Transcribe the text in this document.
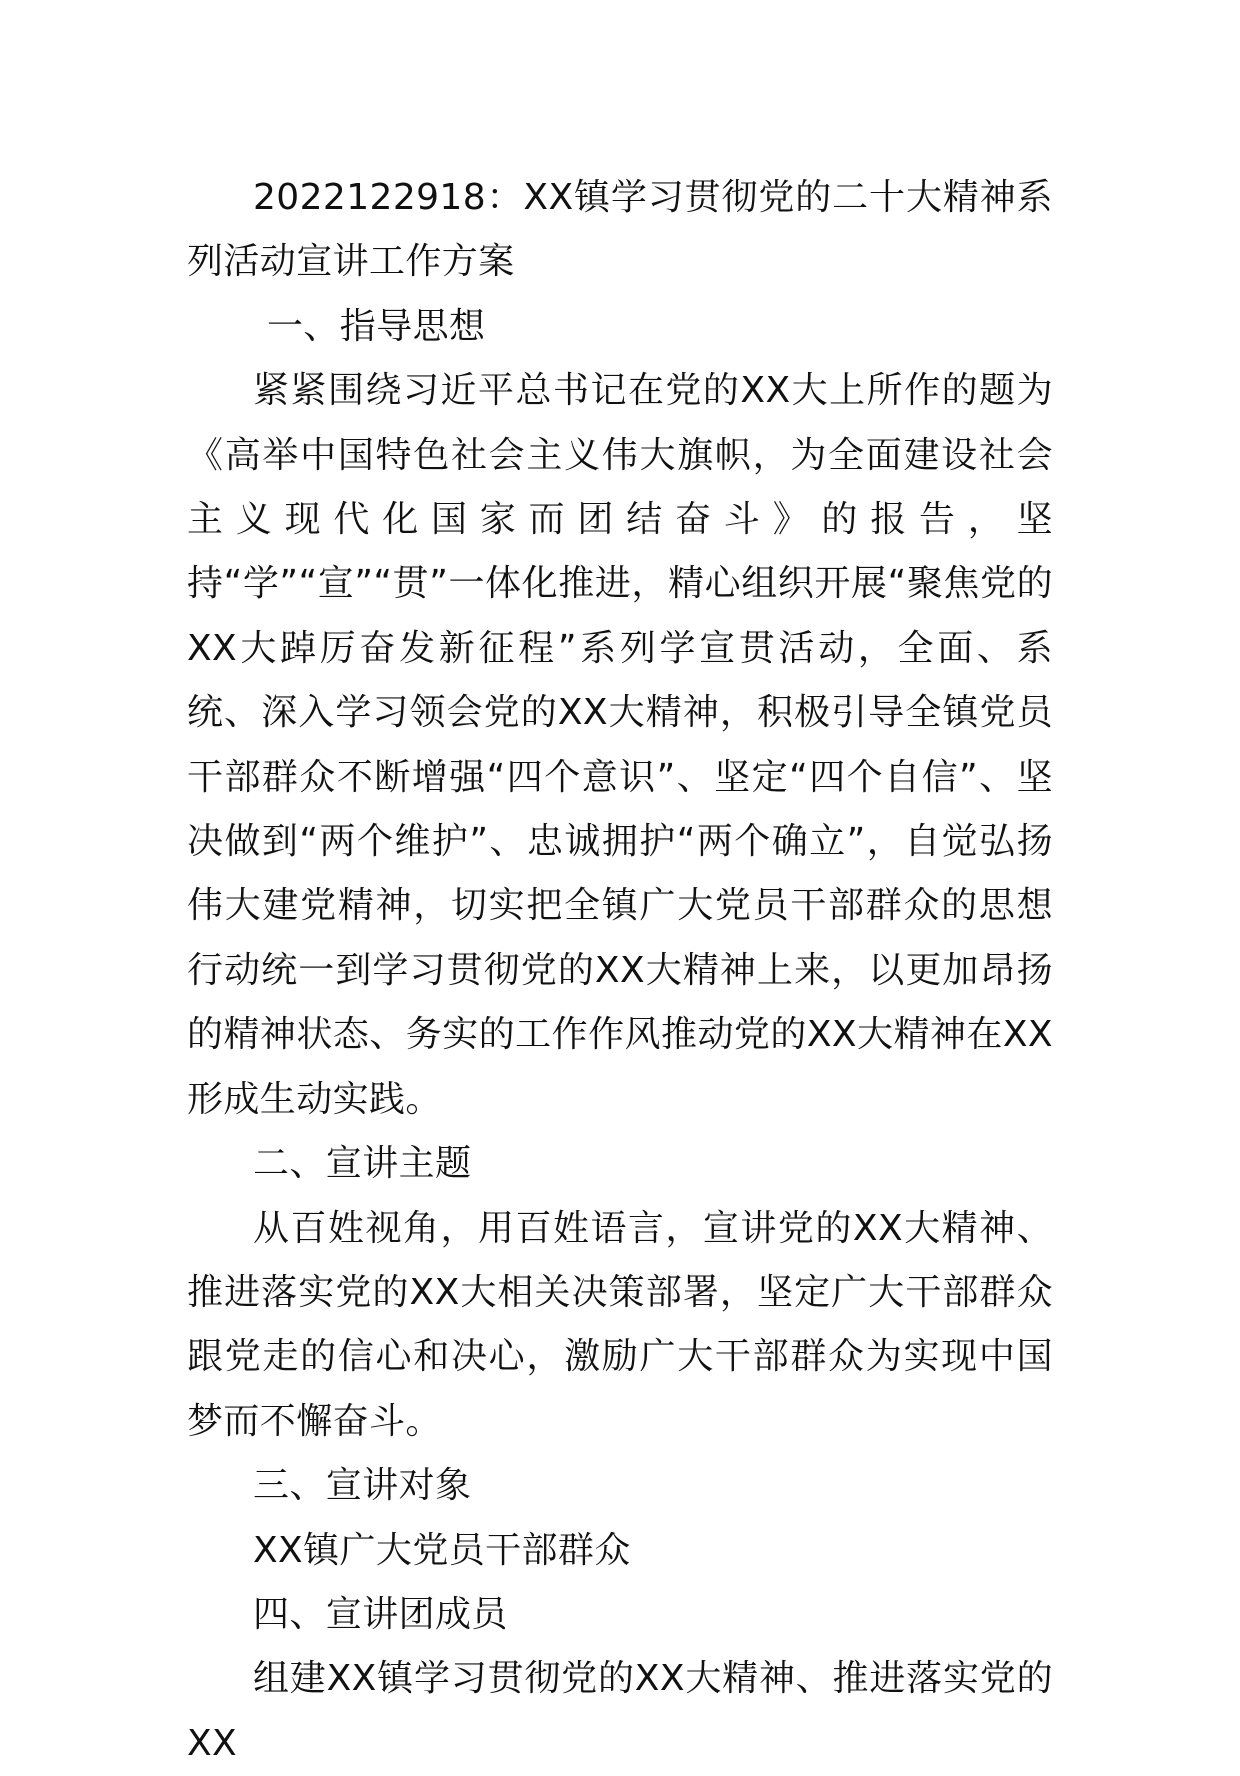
2022122918：XX镇学习贯彻党的二十大精神系列活动宣讲工作方案

一、指导思想

紧紧围绕习近平总书记在党的XX大上所作的题为《高举中国特色社会主义伟大旗帜，为全面建设社会主义现代化国家而团结奋斗》的报告，坚持“学”“宣”“贯”一体化推进，精心组织开展“聚焦党的XX大踔厉奋发新征程”系列学宣贯活动，全面、系统、深入学习领会党的XX大精神，积极引导全镇党员干部群众不断增强“四个意识”、坚定“四个自信”、坚决做到“两个维护”、忠诚拥护“两个确立”，自觉弘扬伟大建党精神，切实把全镇广大党员干部群众的思想行动统一到学习贯彻党的XX大精神上来，以更加昂扬的精神状态、务实的工作作风推动党的XX大精神在XX形成生动实践。

二、宣讲主题

从百姓视角，用百姓语言，宣讲党的XX大精神、推进落实党的XX大相关决策部署，坚定广大干部群众跟党走的信心和决心，激励广大干部群众为实现中国梦而不懈奋斗。

三、宣讲对象

XX镇广大党员干部群众

四、宣讲团成员

组建XX镇学习贯彻党的XX大精神、推进落实党的XX
